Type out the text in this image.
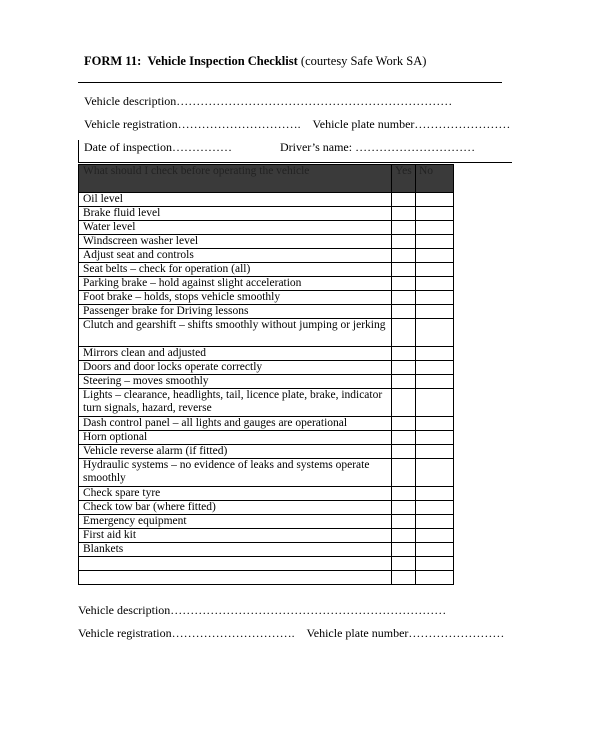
FORM 11: Vehicle Inspection Checklist (courtesy Safe Work SA)
Vehicle description……………………………………………………………
Vehicle registration…………………………. Vehicle plate number……………………
Date of inspection……………	Driver’s name: …………………………
What should I check before operating the vehicle	Yes	No
Oil level		
Brake fluid level		
Water level		
Windscreen washer level		
Adjust seat and controls		
Seat belts – check for operation (all)		
Parking brake – hold against slight acceleration		
Foot brake – holds, stops vehicle smoothly		
Passenger brake for Driving lessons		
Clutch and gearshift – shifts smoothly without jumping or jerking		
Mirrors clean and adjusted		
Doors and door locks operate correctly		
Steering – moves smoothly		
Lights – clearance, headlights, tail, licence plate, brake, indicator turn signals, hazard, reverse		
Dash control panel – all lights and gauges are operational		
Horn optional		
Vehicle reverse alarm (if fitted)		
Hydraulic systems – no evidence of leaks and systems operate smoothly		
Check spare tyre		
Check tow bar (where fitted)		
Emergency equipment		
First aid kit		
Blankets		

Vehicle description……………………………………………………………
Vehicle registration…………………………. Vehicle plate number……………………
